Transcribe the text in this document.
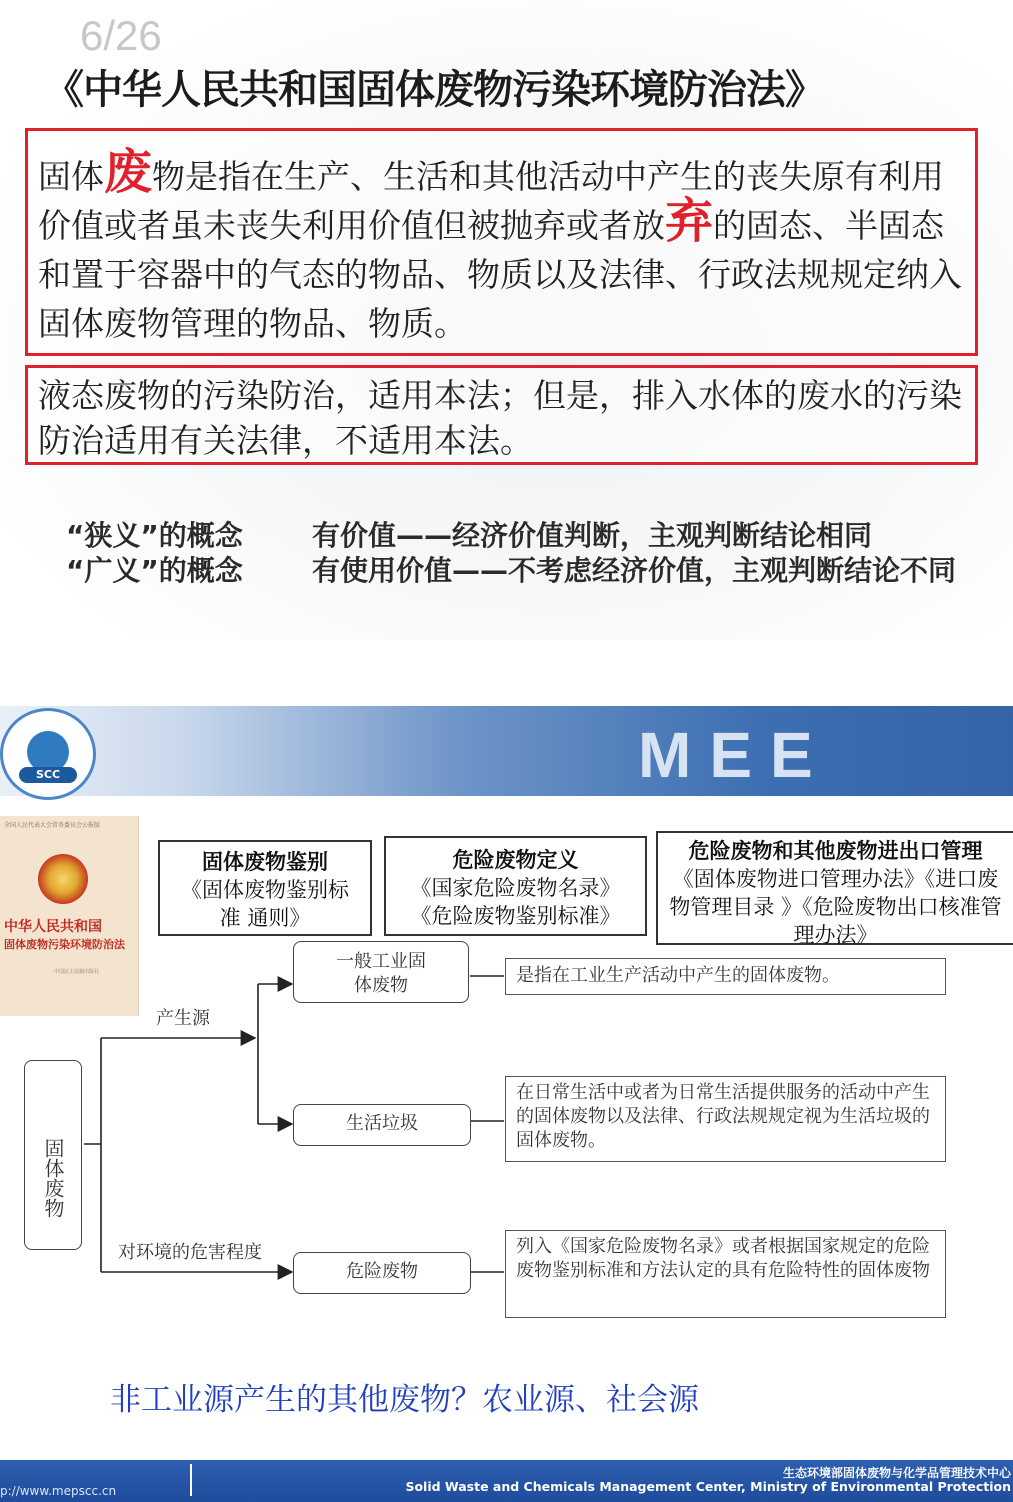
6/26
《中华人民共和国固体废物污染环境防治法》
固体废物是指在生产、生活和其他活动中产生的丧失原有利用价值或者虽未丧失利用价值但被抛弃或者放弃的固态、半固态和置于容器中的气态的物品、物质以及法律、行政法规规定纳入固体废物管理的物品、物质。
液态废物的污染防治，适用本法；但是，排入水体的废水的污染防治适用有关法律，不适用本法。
“狭义”的概念 有价值——经济价值判断，主观判断结论相同
“广义”的概念 有使用价值——不考虑经济价值，主观判断结论不同
MEE
SCC
全国人民代表大会常务委员会公报版
中华人民共和国
固体废物污染环境防治法
中国民主法制出版社
固体废物鉴别
《固体废物鉴别标准 通则》
危险废物定义
《国家危险废物名录》《危险废物鉴别标准》
危险废物和其他废物进出口管理
《固体废物进口管理办法》《进口废物管理目录 》《危险废物出口核准管理办法》
固体废物
产生源
对环境的危害程度
一般工业固体废物
生活垃圾
危险废物
是指在工业生产活动中产生的固体废物。
在日常生活中或者为日常生活提供服务的活动中产生的固体废物以及法律、行政法规规定视为生活垃圾的固体废物。
列入《国家危险废物名录》或者根据国家规定的危险废物鉴别标准和方法认定的具有危险特性的固体废物
非工业源产生的其他废物？农业源、社会源
p://www.mepscc.cn
生态环境部固体废物与化学品管理技术中心
Solid Waste and Chemicals Management Center, Ministry of Environmental Protection
